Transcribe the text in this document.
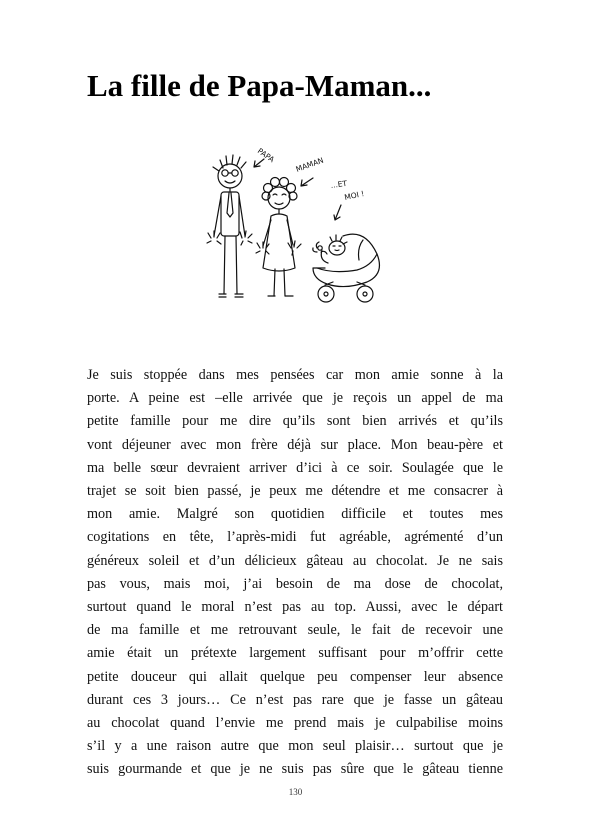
La fille de Papa-Maman...
PAPA
MAMAN
...ET
MOI !
Je suis stoppée dans mes pensées car mon amie sonne à la
porte. A peine est –elle arrivée que je reçois un appel de ma
petite famille pour me dire qu’ils sont bien arrivés et qu’ils
vont déjeuner avec mon frère déjà sur place. Mon beau-père et
ma belle sœur devraient arriver d’ici à ce soir. Soulagée que le
trajet se soit bien passé, je peux me détendre et me consacrer à
mon amie. Malgré son quotidien difficile et toutes mes
cogitations en tête, l’après-midi fut agréable, agrémenté d’un
généreux soleil et d’un délicieux gâteau au chocolat. Je ne sais
pas vous, mais moi, j’ai besoin de ma dose de chocolat,
surtout quand le moral n’est pas au top. Aussi, avec le départ
de ma famille et me retrouvant seule, le fait de recevoir une
amie était un prétexte largement suffisant pour m’offrir cette
petite douceur qui allait quelque peu compenser leur absence
durant ces 3 jours… Ce n’est pas rare que je fasse un gâteau
au chocolat quand l’envie me prend mais je culpabilise moins
s’il y a une raison autre que mon seul plaisir… surtout que je
suis gourmande et que je ne suis pas sûre que le gâteau tienne
130
